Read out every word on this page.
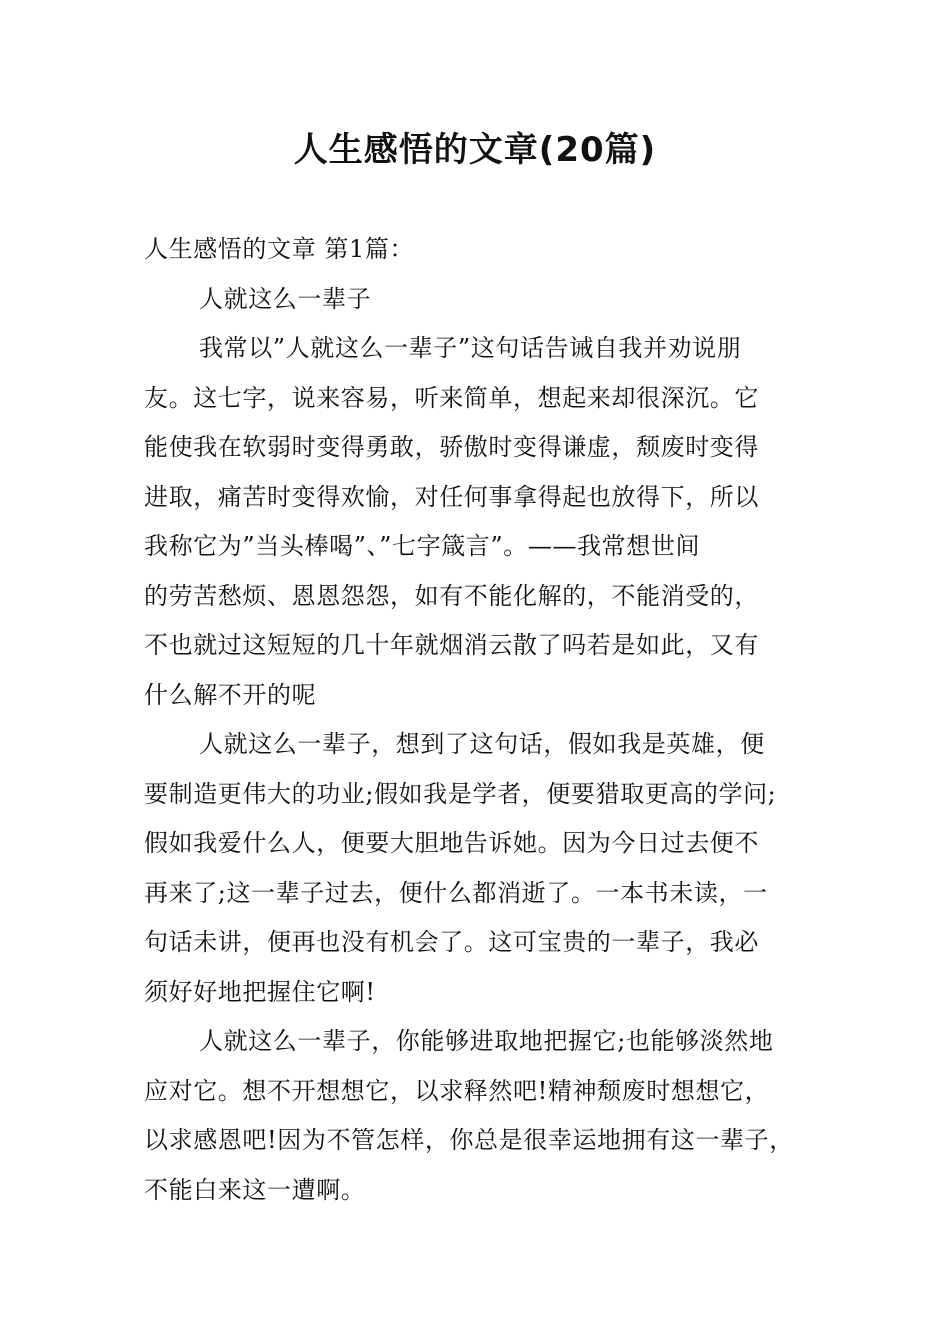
人生感悟的文章(20篇)
人生感悟的文章 第1篇：
人就这么一辈子
我常以”人就这么一辈子”这句话告诫自我并劝说朋
友。这七字，说来容易，听来简单，想起来却很深沉。它
能使我在软弱时变得勇敢，骄傲时变得谦虚，颓废时变得
进取，痛苦时变得欢愉，对任何事拿得起也放得下，所以
我称它为”当头棒喝”、”七字箴言”。——我常想世间
的劳苦愁烦、恩恩怨怨，如有不能化解的，不能消受的，
不也就过这短短的几十年就烟消云散了吗若是如此，又有
什么解不开的呢
人就这么一辈子，想到了这句话，假如我是英雄，便
要制造更伟大的功业;假如我是学者，便要猎取更高的学问;
假如我爱什么人，便要大胆地告诉她。因为今日过去便不
再来了;这一辈子过去，便什么都消逝了。一本书未读，一
句话未讲，便再也没有机会了。这可宝贵的一辈子，我必
须好好地把握住它啊!
人就这么一辈子，你能够进取地把握它;也能够淡然地
应对它。想不开想想它，以求释然吧!精神颓废时想想它，
以求感恩吧!因为不管怎样，你总是很幸运地拥有这一辈子，
不能白来这一遭啊。
